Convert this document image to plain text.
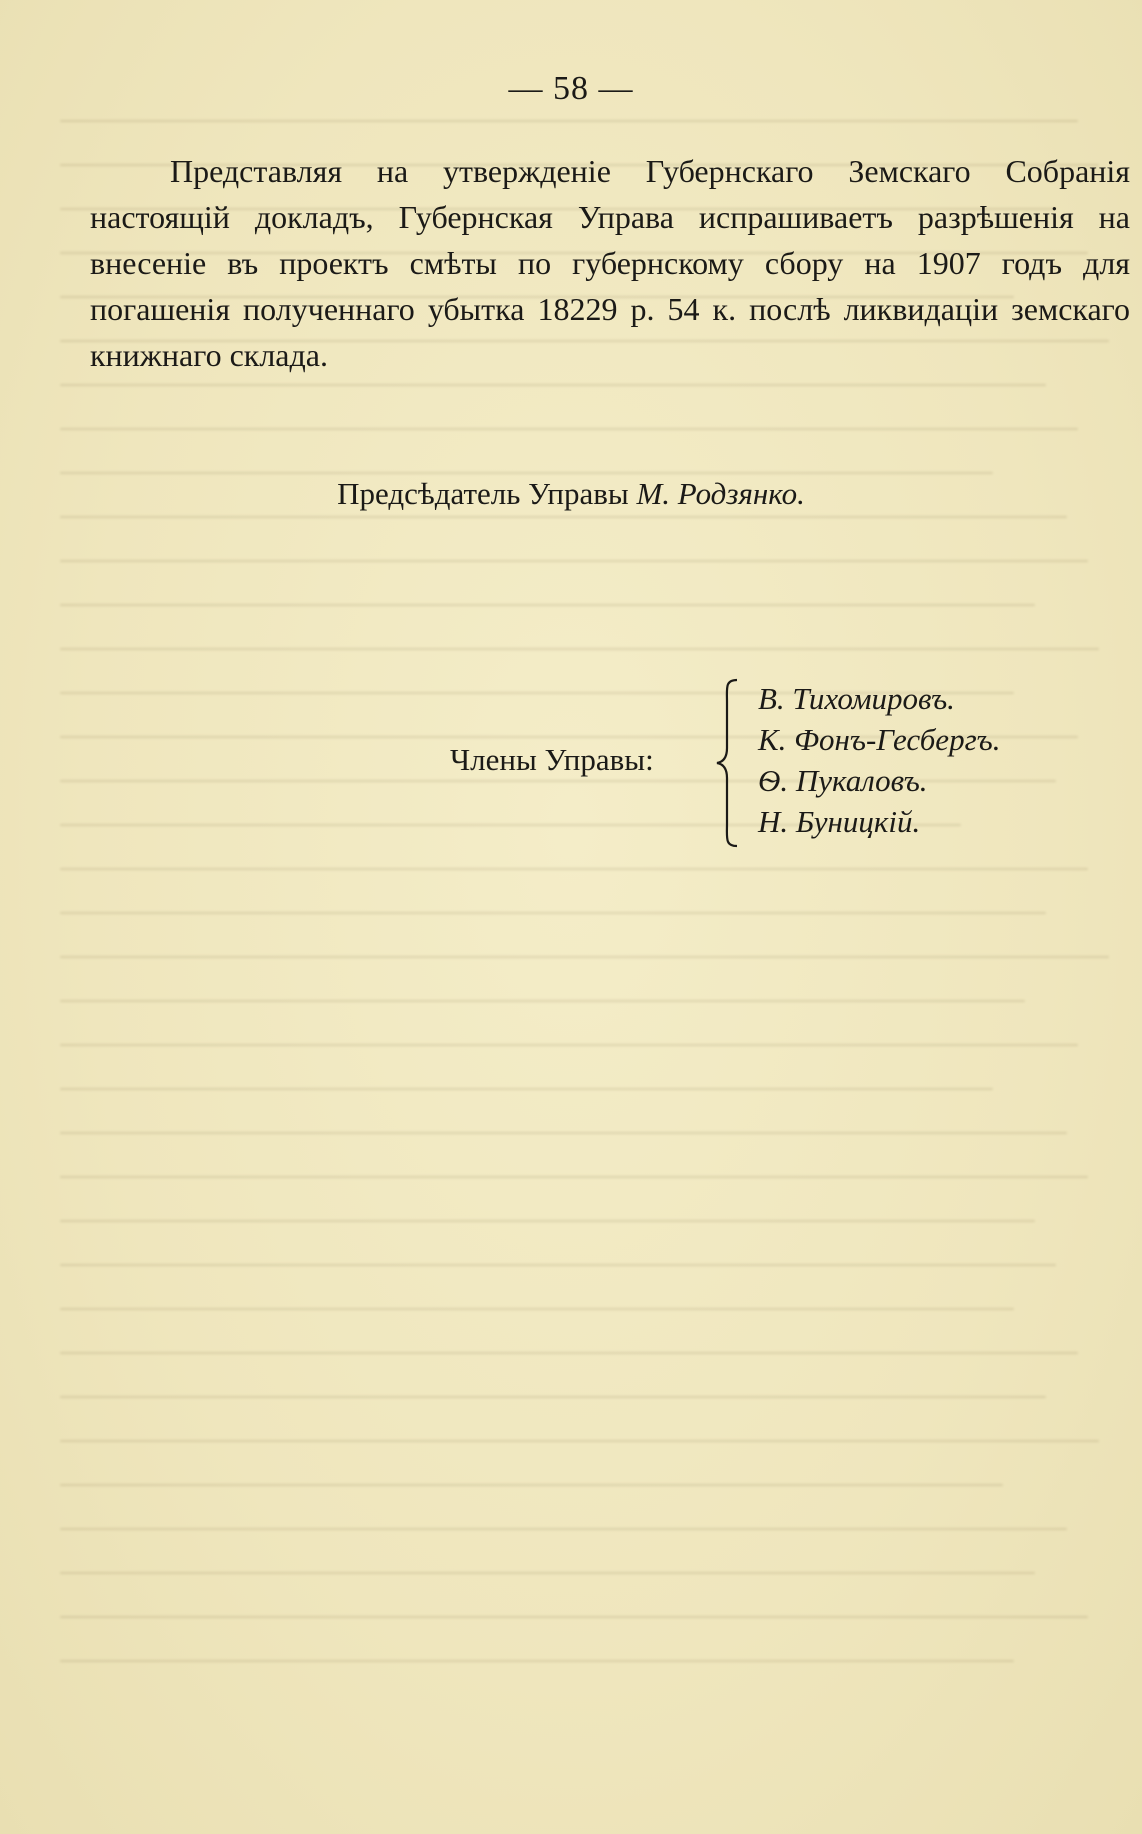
— 58 —

Представляя на утвержденіе Губернскаго Земскаго Собранія настоящій докладъ, Губернская Управа испрашиваетъ разрѣшенія на внесеніе въ проектъ смѣты по губернскому сбору на 1907 годъ для погашенія полученнаго убытка 18229 р. 54 к. послѣ ликвидаціи земскаго книжнаго склада.

Предсѣдатель Управы М. Родзянко.
Члены Управы:
В. Тихомировъ.
К. Фонъ-Гесбергъ.
Ѳ. Пукаловъ.
Н. Буницкій.
